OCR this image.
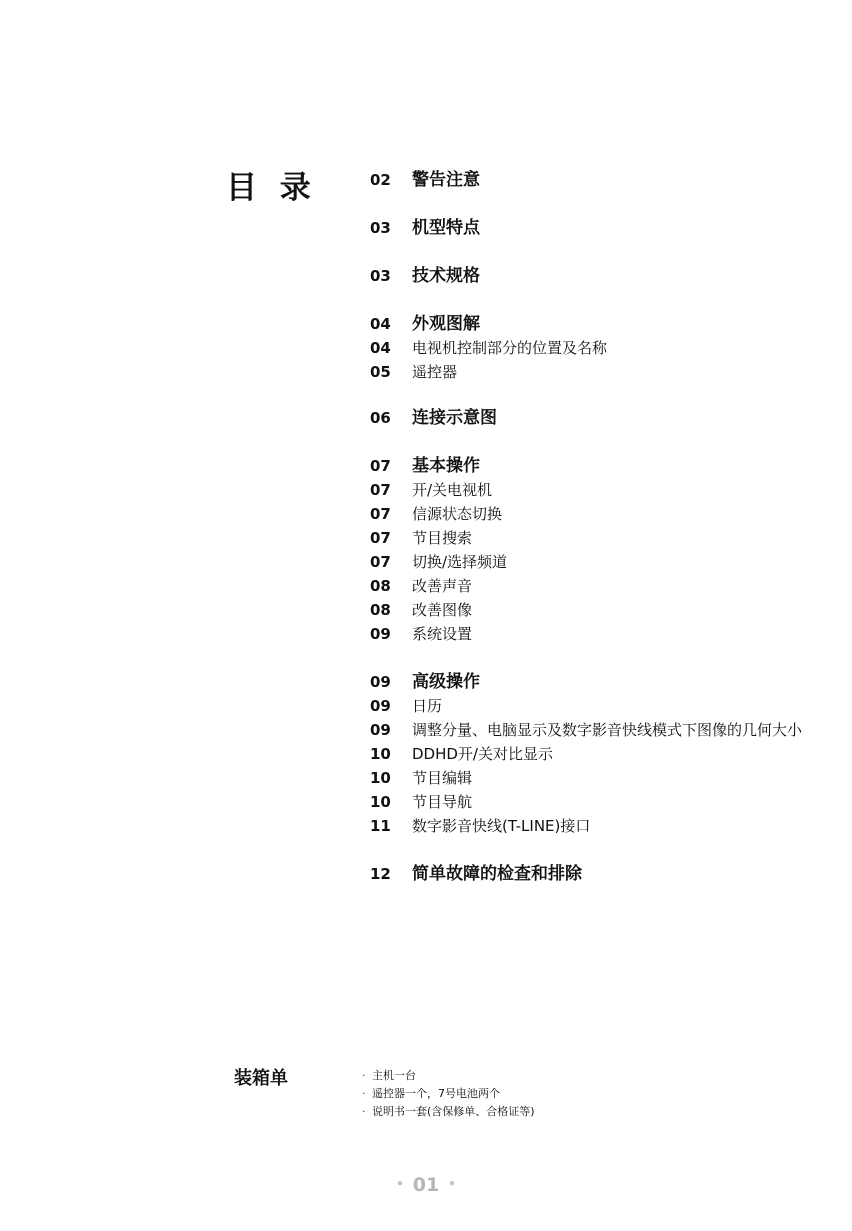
目 录	02 警告注意
03 机型特点
03 技术规格
04 外观图解
04 电视机控制部分的位置及名称
05 遥控器
06 连接示意图
07 基本操作
07 开/关电视机
07 信源状态切换
07 节目搜索
07 切换/选择频道
08 改善声音
08 改善图像
09 系统设置
09 高级操作
09 日历
09 调整分量、电脑显示及数字影音快线模式下图像的几何大小
10 DDHD开/关对比显示
10 节目编辑
10 节目导航
11 数字影音快线(T-LINE)接口
12 简单故障的检查和排除
装箱单	· 主机一台
· 遥控器一个，7号电池两个
· 说明书一套(含保修单、合格证等)
• 01 •
